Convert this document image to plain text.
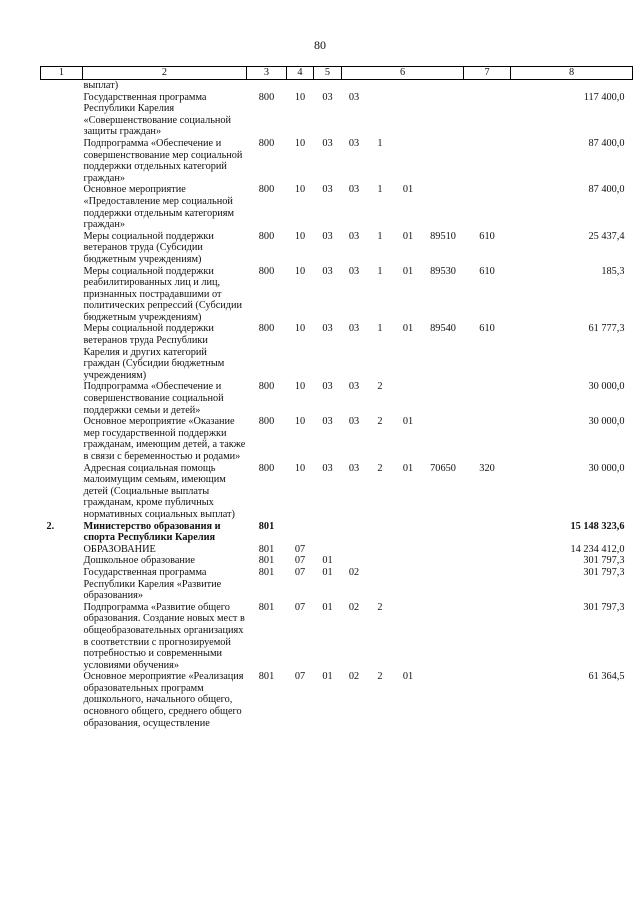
80
1	2	3	4	5	6				7	8
	выплат)									
	Государственная программа Республики Карелия «Совершенствование социальной защиты граждан»	800	10	03	03					117 400,0
	Подпрограмма «Обеспечение и совершенствование мер социальной поддержки отдельных категорий граждан»	800	10	03	03	1				87 400,0
	Основное мероприятие «Предоставление мер социальной поддержки отдельным категориям граждан»	800	10	03	03	1	01			87 400,0
	Меры социальной поддержки ветеранов труда (Субсидии бюджетным учреждениям)	800	10	03	03	1	01	89510	610	25 437,4
	Меры социальной поддержки реабилитированных лиц и лиц, признанных пострадавшими от политических репрессий (Субсидии бюджетным учреждениям)	800	10	03	03	1	01	89530	610	185,3
	Меры социальной поддержки ветеранов труда Республики Карелия и других категорий граждан (Субсидии бюджетным учреждениям)	800	10	03	03	1	01	89540	610	61 777,3
	Подпрограмма «Обеспечение и совершенствование социальной поддержки семьи и детей»	800	10	03	03	2				30 000,0
	Основное мероприятие «Оказание мер государственной поддержки гражданам, имеющим детей, а также в связи с беременностью и родами»	800	10	03	03	2	01			30 000,0
	Адресная социальная помощь малоимущим семьям, имеющим детей (Социальные выплаты гражданам, кроме публичных нормативных социальных выплат)	800	10	03	03	2	01	70650	320	30 000,0
2.	Министерство образования и спорта Республики Карелия	801								15 148 323,6
	ОБРАЗОВАНИЕ	801	07							14 234 412,0
	Дошкольное образование	801	07	01						301 797,3
	Государственная программа Республики Карелия «Развитие образования»	801	07	01	02					301 797,3
	Подпрограмма «Развитие общего образования. Создание новых мест в общеобразовательных организациях в соответствии с прогнозируемой потребностью и современными условиями обучения»	801	07	01	02	2				301 797,3
	Основное мероприятие «Реализация образовательных программ дошкольного, начального общего, основного общего, среднего общего образования, осуществление	801	07	01	02	2	01			61 364,5
